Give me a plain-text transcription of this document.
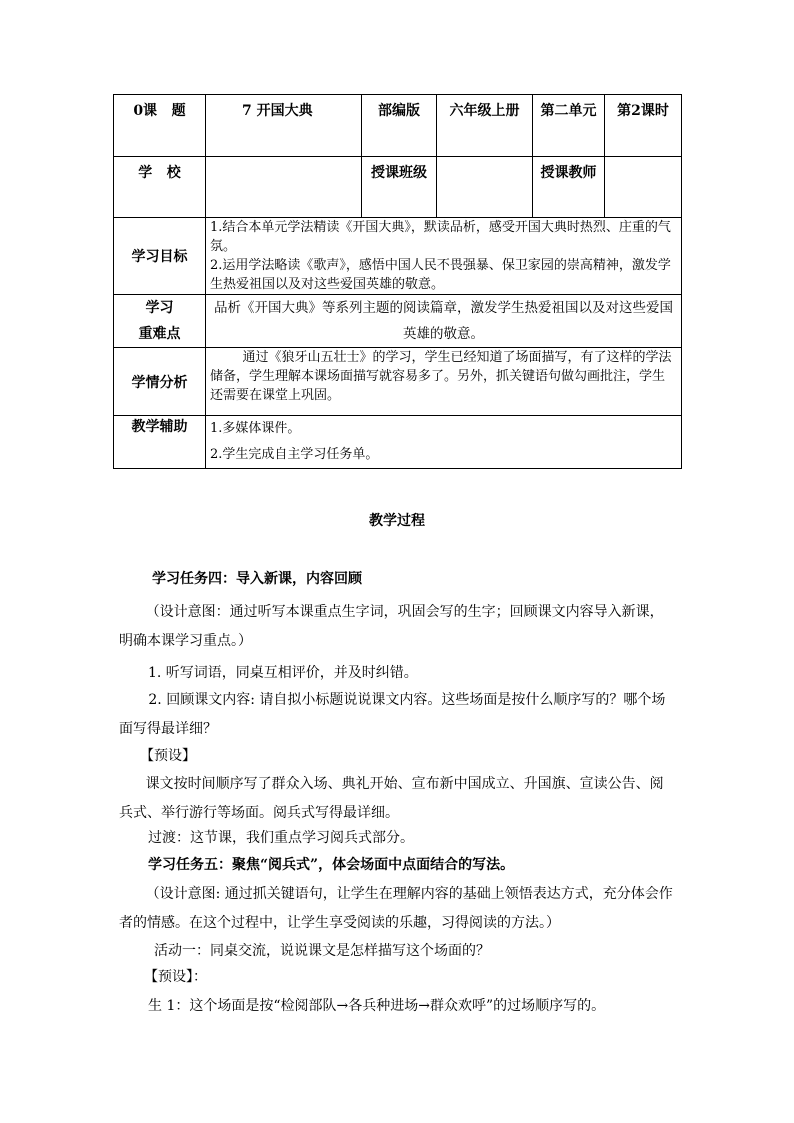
0课   题	7 开国大典	部编版	六年级上册	第二单元	第2课时
学   校		授课班级		授课教师	
学习目标	1.结合本单元学法精读《开国大典》，默读品析，感受开国大典时热烈、庄重的气氛。
2.运用学法略读《歌声》，感悟中国人民不畏强暴、保卫家园的崇高精神，激发学生热爱祖国以及对这些爱国英雄的敬意。				

学习
重难点	品析《开国大典》等系列主题的阅读篇章，激发学生热爱祖国以及对这些爱国英雄的敬意。				
学情分析	通过《狼牙山五壮士》的学习，学生已经知道了场面描写，有了这样的学法储备，学生理解本课场面描写就容易多了。另外，抓关键语句做勾画批注，学生还需要在课堂上巩固。				
教学辅助	1.多媒体课件。
2.学生完成自主学习任务单。				
教学过程
学习任务四：导入新课，内容回顾
（设计意图：通过听写本课重点生字词，巩固会写的生字；回顾课文内容导入新课，明确本课学习重点。）
1. 听写词语，同桌互相评价，并及时纠错。
2. 回顾课文内容: 请自拟小标题说说课文内容。这些场面是按什么顺序写的？哪个场面写得最详细？
【预设】
课文按时间顺序写了群众入场、典礼开始、宣布新中国成立、升国旗、宣读公告、阅兵式、举行游行等场面。阅兵式写得最详细。
过渡：这节课，我们重点学习阅兵式部分。
学习任务五：聚焦“阅兵式”，体会场面中点面结合的写法。
（设计意图: 通过抓关键语句，让学生在理解内容的基础上领悟表达方式，充分体会作者的情感。在这个过程中，让学生享受阅读的乐趣，习得阅读的方法。）
活动一：同桌交流，说说课文是怎样描写这个场面的？
【预设】：
生 1：这个场面是按“检阅部队→各兵种进场→群众欢呼”的过场顺序写的。
